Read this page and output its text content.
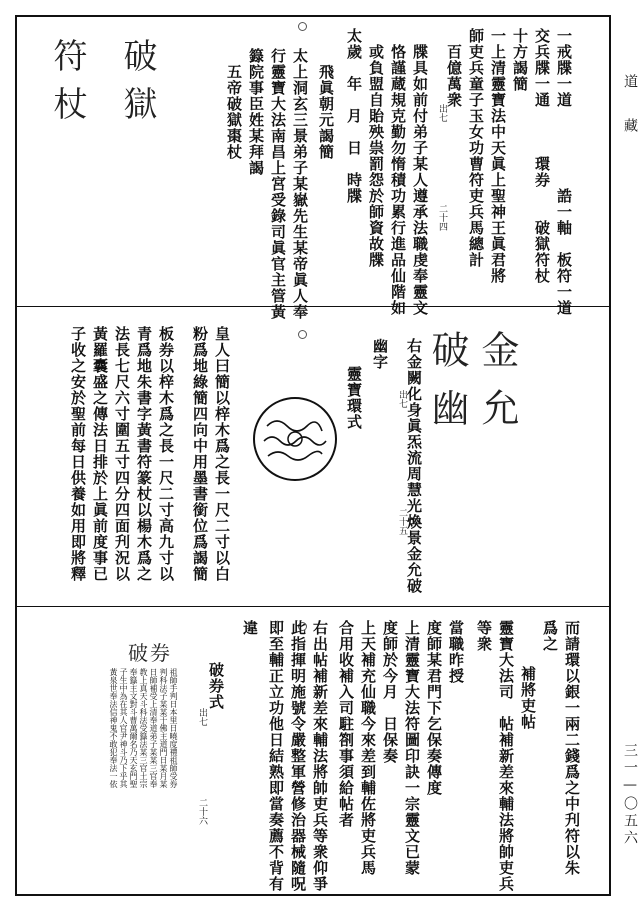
道　藏
三一—〇五六
一戒牒一道　　　　　誥一軸　板符一道
交兵牒一通　　　環券　　破獄符杖
十方謁簡
一上清靈寶法中天眞上聖神王眞君將
師吏兵童子玉女功曹符吏兵馬總計
百億萬衆
出七
二十四
牒具如前付弟子某人遵承法職虔奉靈文
恪謹蔵規克勤勿惰積功累行進品仙階如
或負盟自貽殃祟罰怨於師資故牒
太歲　年　月　日　時牒
飛眞朝元謁簡
太上洞玄三景弟子某嶽先生某帝眞人奉
行靈寶大法南昌上宮受錄司眞官主管黃
籙院事臣姓某拜謁
五帝破獄棗杖
破獄
符杖
金允
破幽
右金闕化身眞炁流周慧光煥景金允破
出七
二十五
幽字
靈寶環式
皇人曰簡以梓木爲之長一尺二寸以白
粉爲地綠簡四向中用墨書銜位爲謁簡
板券以梓木爲之長一尺二寸高九寸以
青爲地朱書字黃書符篆杖以楊木爲之
法長七尺六寸圍五寸四分四面刋況以
黃羅囊盛之傳法日排於上眞前度事已
子收之安於聖前每日供養如用即將釋
而請環以銀一兩二錢爲之中刋符以朱
爲之
補將吏帖
靈寶大法司　帖補新差來輔法將帥吏兵
等衆
當職昨授
度師某君門下乞保奏傳度
上清靈寶大法符圖印訣一宗靈文已蒙
度師於今月　日保奏
上天補充仙職今來差到輔佐將吏兵馬
合用收補入司駐劄事須給帖者
右出帖補新差來輔法將帥吏兵等衆仰爭
此指揮明施號令嚴整軍營修治器械隨呪
即至輔正立功他日結熟即當奏薦不背有
違
破券式
出七
二十六
破券
祖師手判日本里日曉度禮祖師受券判科法子某某于佛主道門日某月某日師補受上清奉道弟子某某三官奉教上真天斗科法受籙法某三官土宗奉籙主文對斗曹萬爾名乃天玄門聖子生中為在其人官尹神斗乃下乎其黃泉世奉法信神鬼不敢犯奉法一依
